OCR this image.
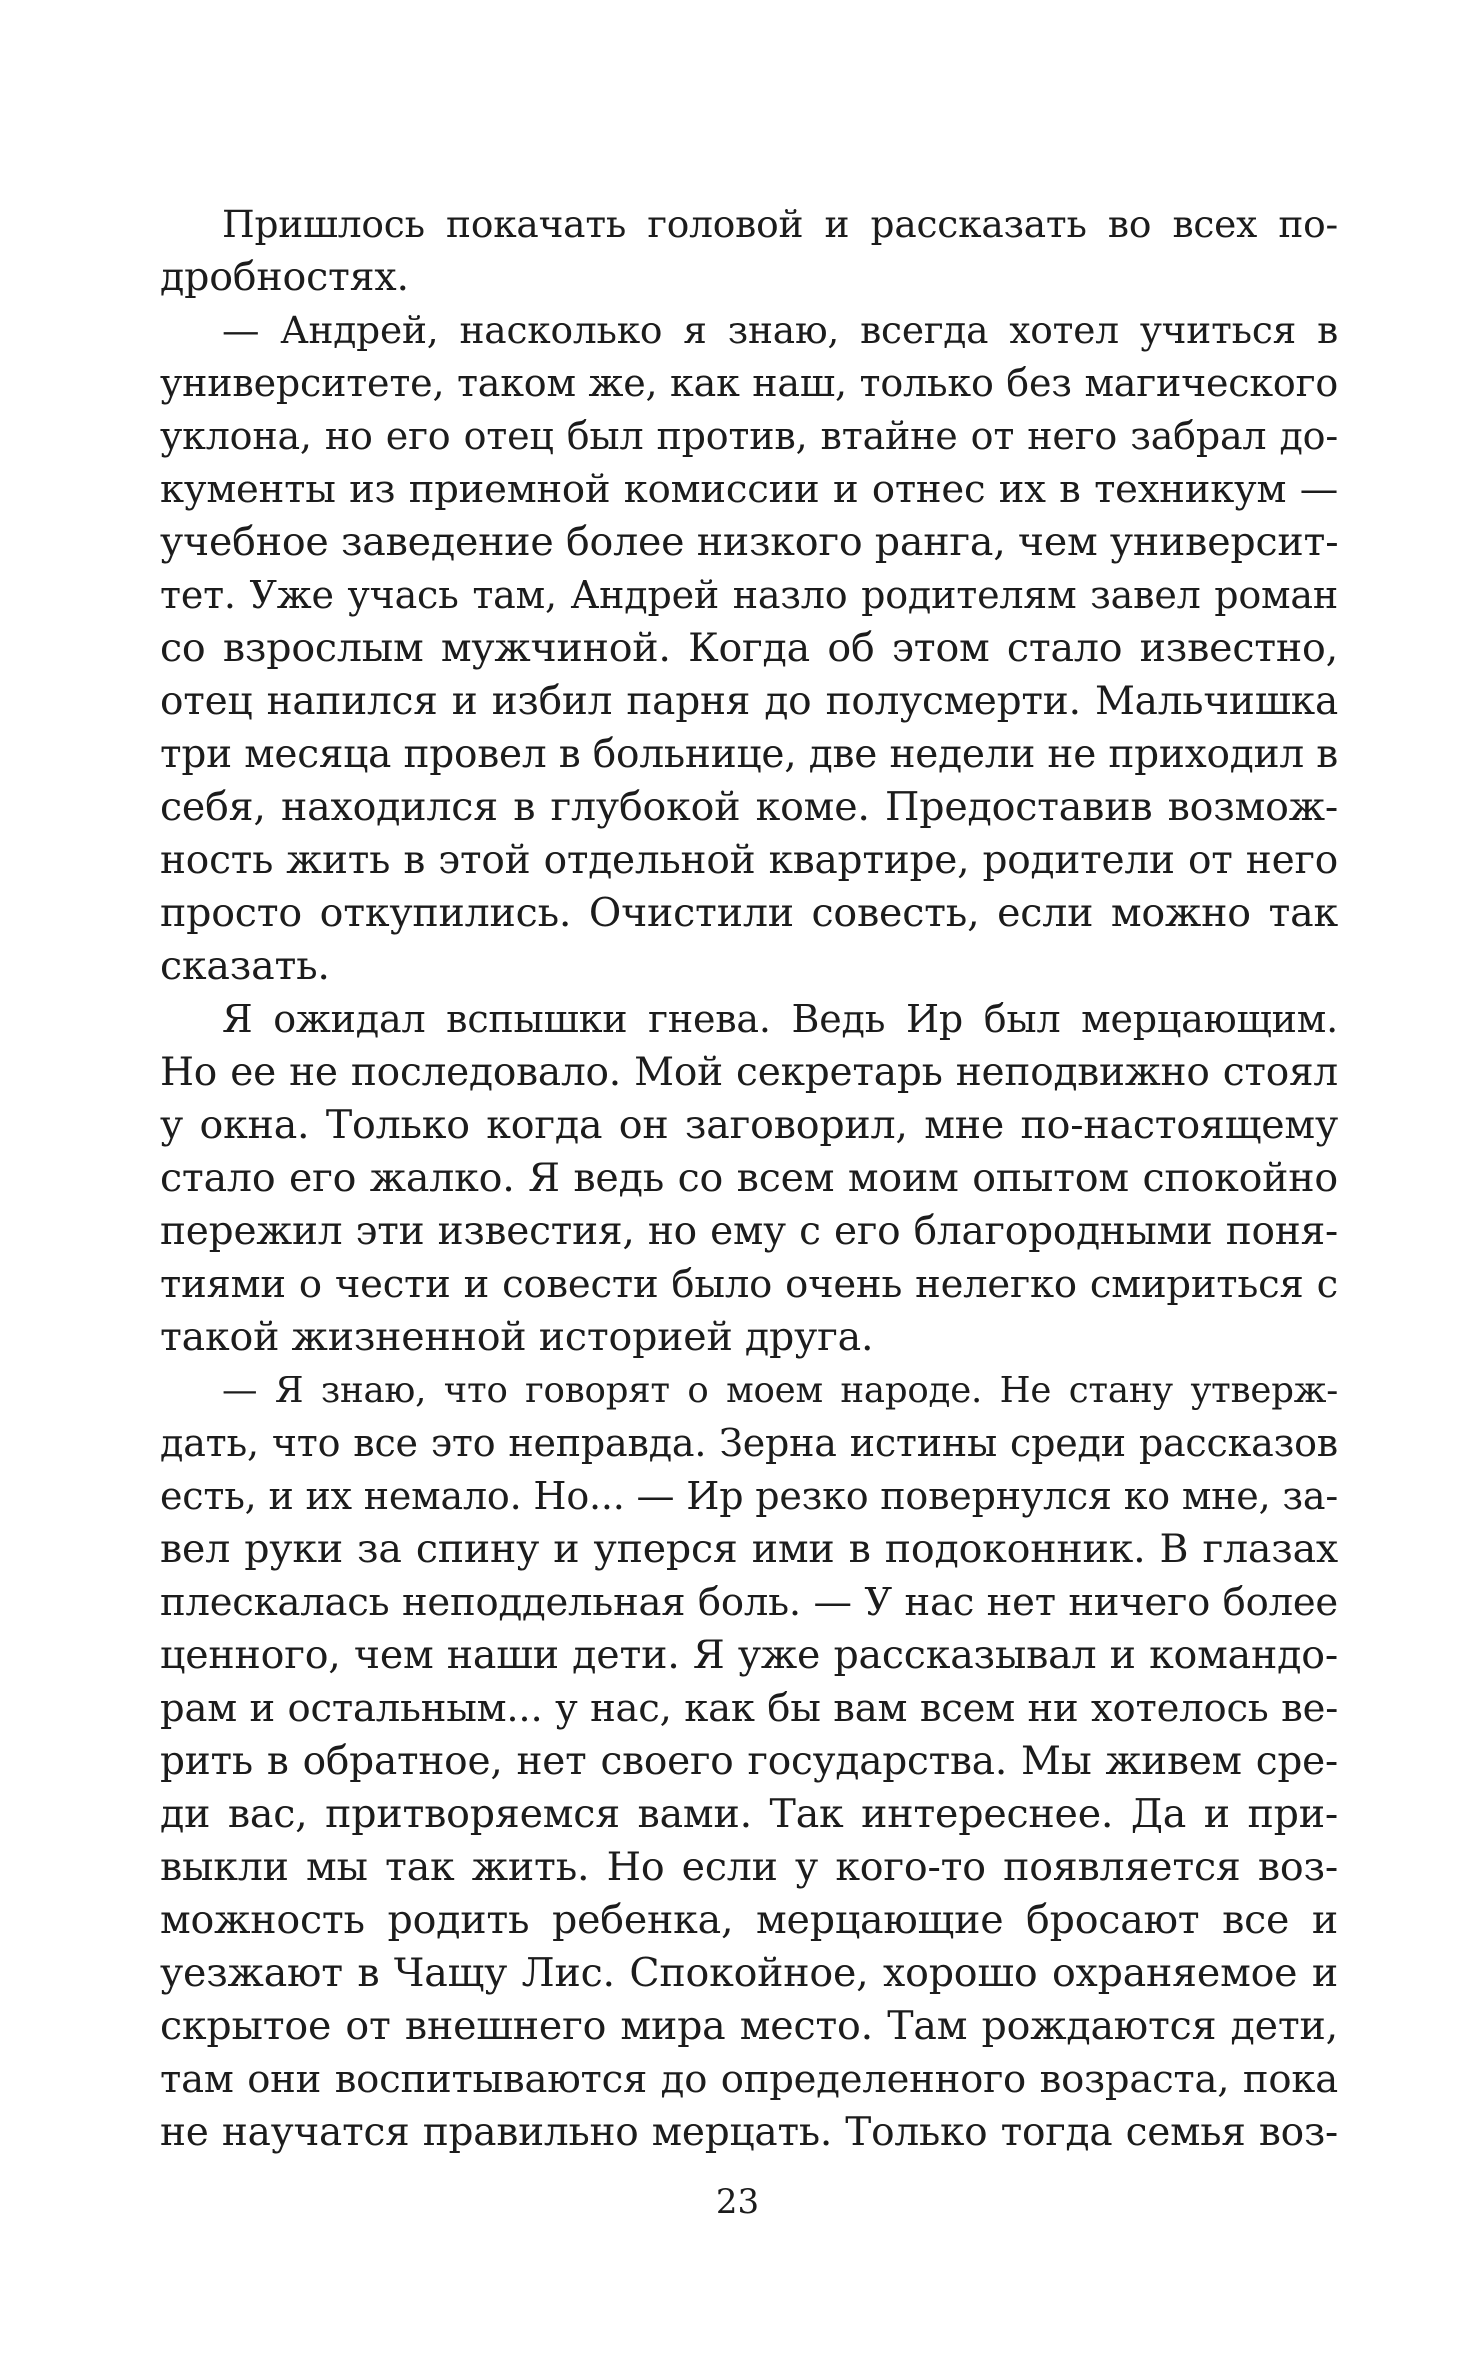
Пришлось покачать головой и рассказать во всех по-
дробностях.
— Андрей, насколько я знаю, всегда хотел учиться в
университете, таком же, как наш, только без магического
уклона, но его отец был против, втайне от него забрал до-
кументы из приемной комиссии и отнес их в техникум —
учебное заведение более низкого ранга, чем университ-
тет. Уже учась там, Андрей назло родителям завел роман
со взрослым мужчиной. Когда об этом стало известно,
отец напился и избил парня до полусмерти. Мальчишка
три месяца провел в больнице, две недели не приходил в
себя, находился в глубокой коме. Предоставив возмож-
ность жить в этой отдельной квартире, родители от него
просто откупились. Очистили совесть, если можно так
сказать.
Я ожидал вспышки гнева. Ведь Ир был мерцающим.
Но ее не последовало. Мой секретарь неподвижно стоял
у окна. Только когда он заговорил, мне по-настоящему
стало его жалко. Я ведь со всем моим опытом спокойно
пережил эти известия, но ему с его благородными поня-
тиями о чести и совести было очень нелегко смириться с
такой жизненной историей друга.
— Я знаю, что говорят о моем народе. Не стану утверж-
дать, что все это неправда. Зерна истины среди рассказов
есть, и их немало. Но... — Ир резко повернулся ко мне, за-
вел руки за спину и уперся ими в подоконник. В глазах
плескалась неподдельная боль. — У нас нет ничего более
ценного, чем наши дети. Я уже рассказывал и командо-
рам и остальным... у нас, как бы вам всем ни хотелось ве-
рить в обратное, нет своего государства. Мы живем сре-
ди вас, притворяемся вами. Так интереснее. Да и при-
выкли мы так жить. Но если у кого-то появляется воз-
можность родить ребенка, мерцающие бросают все и
уезжают в Чащу Лис. Спокойное, хорошо охраняемое и
скрытое от внешнего мира место. Там рождаются дети,
там они воспитываются до определенного возраста, пока
не научатся правильно мерцать. Только тогда семья воз-
23
